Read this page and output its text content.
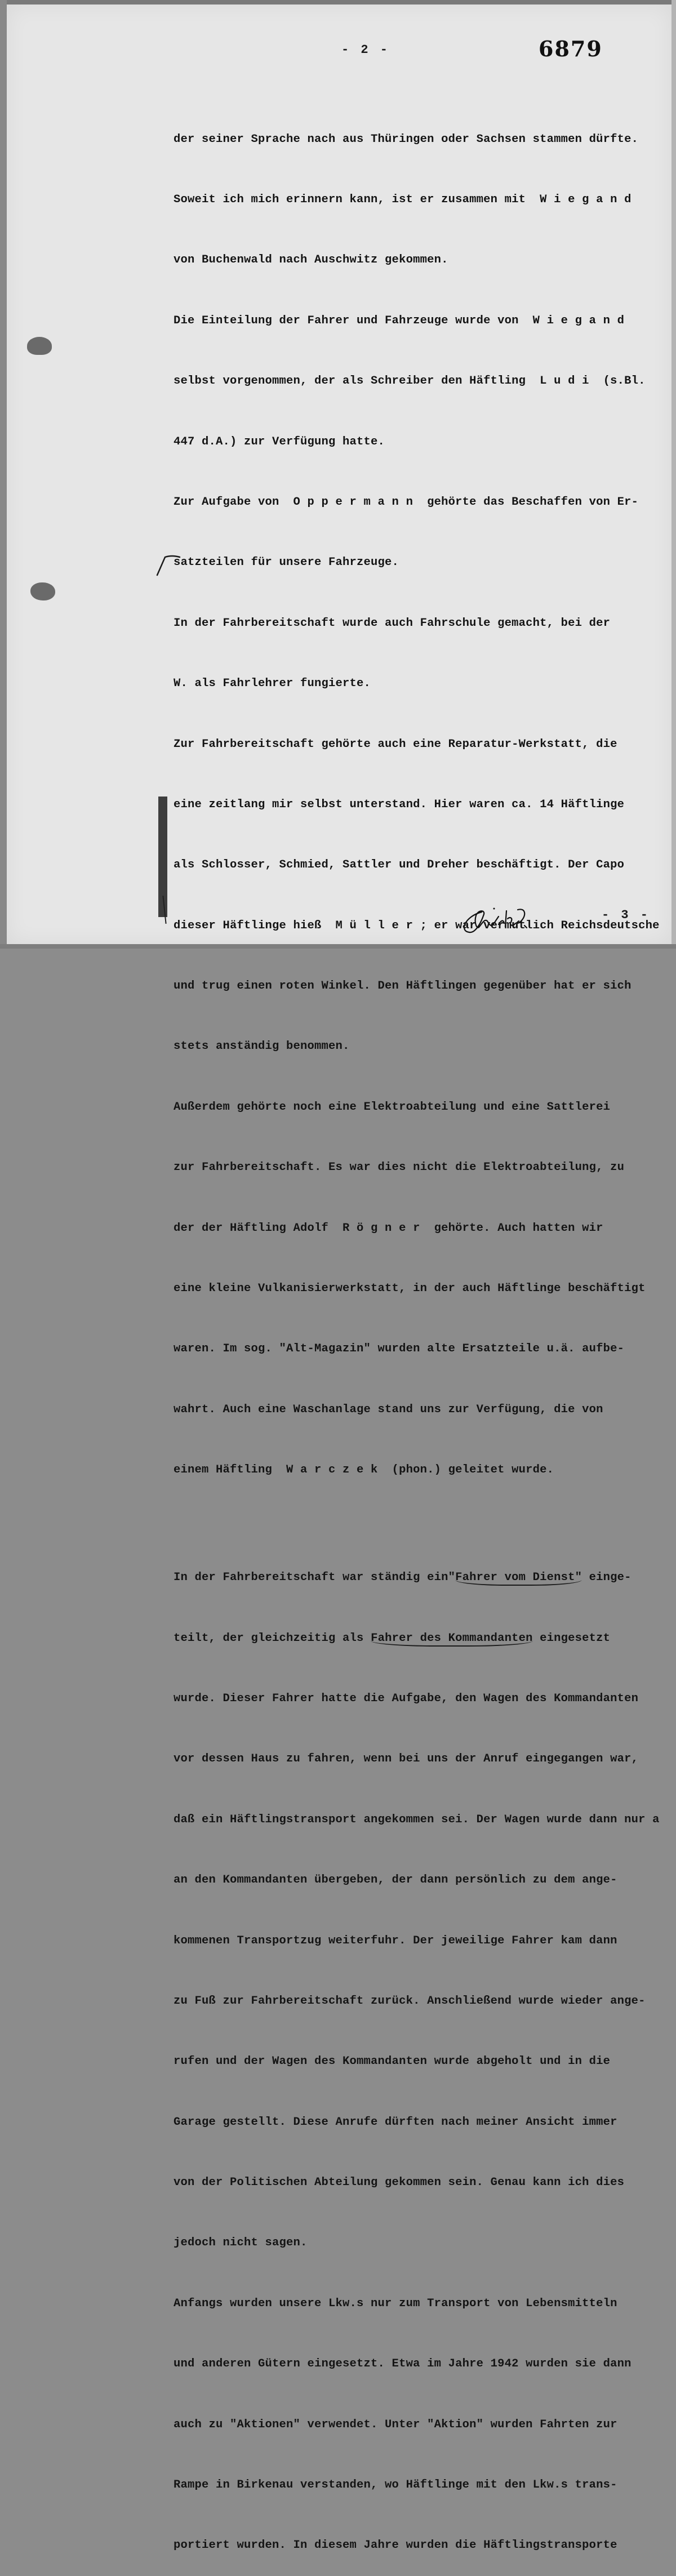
- 2 -	6879

der seiner Sprache nach aus Thüringen oder Sachsen stammen dürfte.

Soweit ich mich erinnern kann, ist er zusammen mit  W i e g a n d

von Buchenwald nach Auschwitz gekommen.

Die Einteilung der Fahrer und Fahrzeuge wurde von  W i e g a n d

selbst vorgenommen, der als Schreiber den Häftling  L u d i  (s.Bl.

447 d.A.) zur Verfügung hatte.

Zur Aufgabe von  O p p e r m a n n  gehörte das Beschaffen von Er-

satzteilen für unsere Fahrzeuge.

In der Fahrbereitschaft wurde auch Fahrschule gemacht, bei der

W. als Fahrlehrer fungierte.

Zur Fahrbereitschaft gehörte auch eine Reparatur-Werkstatt, die

eine zeitlang mir selbst unterstand. Hier waren ca. 14 Häftlinge

als Schlosser, Schmied, Sattler und Dreher beschäftigt. Der Capo

dieser Häftlinge hieß  M ü l l e r ; er war vermutlich Reichsdeutsche

und trug einen roten Winkel. Den Häftlingen gegenüber hat er sich

stets anständig benommen.

Außerdem gehörte noch eine Elektroabteilung und eine Sattlerei

zur Fahrbereitschaft. Es war dies nicht die Elektroabteilung, zu

der der Häftling Adolf  R ö g n e r  gehörte. Auch hatten wir

eine kleine Vulkanisierwerkstatt, in der auch Häftlinge beschäftigt

waren. Im sog. "Alt-Magazin" wurden alte Ersatzteile u.ä. aufbe-

wahrt. Auch eine Waschanlage stand uns zur Verfügung, die von

einem Häftling  W a r c z e k  (phon.) geleitet wurde.

In der Fahrbereitschaft war ständig ein"Fahrer vom Dienst" einge-

teilt, der gleichzeitig als Fahrer des Kommandanten eingesetzt

wurde. Dieser Fahrer hatte die Aufgabe, den Wagen des Kommandanten

vor dessen Haus zu fahren, wenn bei uns der Anruf eingegangen war,

daß ein Häftlingstransport angekommen sei. Der Wagen wurde dann nur a

an den Kommandanten übergeben, der dann persönlich zu dem ange-

kommenen Transportzug weiterfuhr. Der jeweilige Fahrer kam dann

zu Fuß zur Fahrbereitschaft zurück. Anschließend wurde wieder ange-

rufen und der Wagen des Kommandanten wurde abgeholt und in die

Garage gestellt. Diese Anrufe dürften nach meiner Ansicht immer

von der Politischen Abteilung gekommen sein. Genau kann ich dies

jedoch nicht sagen.

Anfangs wurden unsere Lkw.s nur zum Transport von Lebensmitteln

und anderen Gütern eingesetzt. Etwa im Jahre 1942 wurden sie dann

auch zu "Aktionen" verwendet. Unter "Aktion" wurden Fahrten zur

Rampe in Birkenau verstanden, wo Häftlinge mit den Lkw.s trans-

portiert wurden. In diesem Jahre wurden die Häftlingstransporte

- 3 -
